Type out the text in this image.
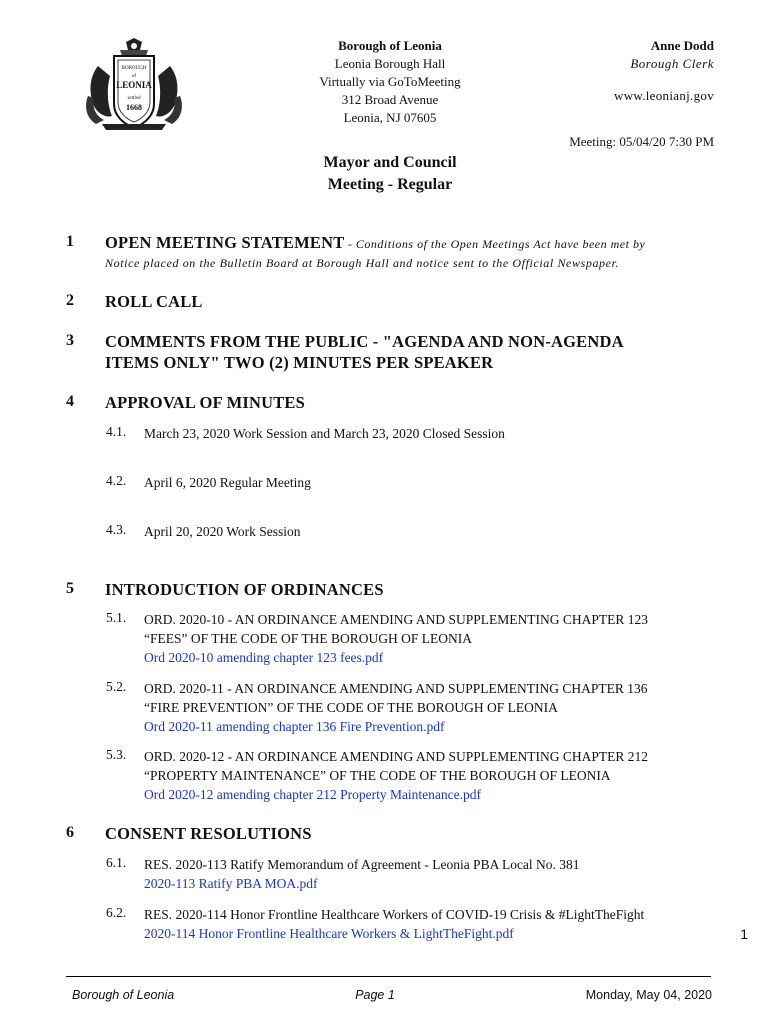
BOROUGH
of
LEONIA
settled
1668
Borough of Leonia
Leonia Borough Hall
Virtually via GoToMeeting
312 Broad Avenue
Leonia, NJ 07605
Anne Dodd
Borough Clerk
www.leonianj.gov
Meeting: 05/04/20 7:30 PM
Mayor and Council
Meeting - Regular
1 OPEN MEETING STATEMENT - Conditions of the Open Meetings Act have been met by
Notice placed on the Bulletin Board at Borough Hall and notice sent to the Official Newspaper.
2 ROLL CALL
3 COMMENTS FROM THE PUBLIC - "AGENDA AND NON-AGENDA
ITEMS ONLY" TWO (2) MINUTES PER SPEAKER
4 APPROVAL OF MINUTES
4.1. March 23, 2020 Work Session and March 23, 2020 Closed Session
4.2. April 6, 2020 Regular Meeting
4.3. April 20, 2020 Work Session
5 INTRODUCTION OF ORDINANCES
5.1. ORD. 2020-10 - AN ORDINANCE AMENDING AND SUPPLEMENTING CHAPTER 123
“FEES” OF THE CODE OF THE BOROUGH OF LEONIA
Ord 2020-10 amending chapter 123 fees.pdf
5.2. ORD. 2020-11 - AN ORDINANCE AMENDING AND SUPPLEMENTING CHAPTER 136
“FIRE PREVENTION” OF THE CODE OF THE BOROUGH OF LEONIA
Ord 2020-11 amending chapter 136 Fire Prevention.pdf
5.3. ORD. 2020-12 - AN ORDINANCE AMENDING AND SUPPLEMENTING CHAPTER 212
“PROPERTY MAINTENANCE” OF THE CODE OF THE BOROUGH OF LEONIA
Ord 2020-12 amending chapter 212 Property Maintenance.pdf
6 CONSENT RESOLUTIONS
6.1. RES. 2020-113 Ratify Memorandum of Agreement - Leonia PBA Local No. 381
2020-113 Ratify PBA MOA.pdf
6.2. RES. 2020-114 Honor Frontline Healthcare Workers of COVID-19 Crisis & #LightTheFight
2020-114 Honor Frontline Healthcare Workers & LightTheFight.pdf	1
Borough of Leonia	Page 1	Monday, May 04, 2020
